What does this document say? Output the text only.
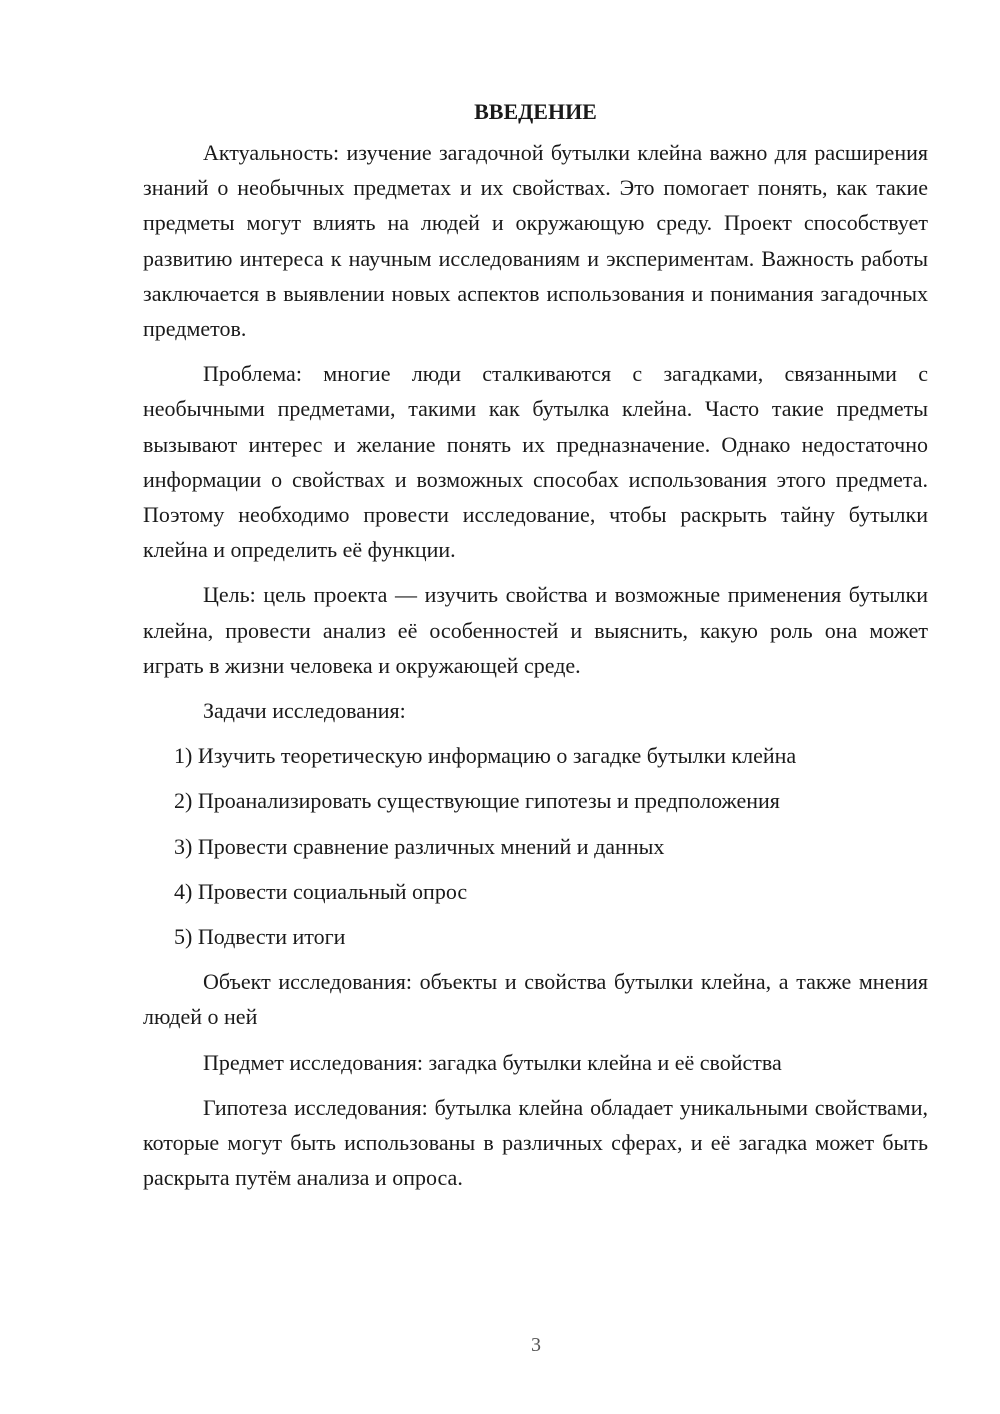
ВВЕДЕНИЕ

Актуальность: изучение загадочной бутылки клейна важно для расширения знаний о необычных предметах и их свойствах. Это помогает понять, как такие предметы могут влиять на людей и окружающую среду. Проект способствует развитию интереса к научным исследованиям и экспериментам. Важность работы заключается в выявлении новых аспектов использования и понимания загадочных предметов.

Проблема: многие люди сталкиваются с загадками, связанными с необычными предметами, такими как бутылка клейна. Часто такие предметы вызывают интерес и желание понять их предназначение. Однако недостаточно информации о свойствах и возможных способах использования этого предмета. Поэтому необходимо провести исследование, чтобы раскрыть тайну бутылки клейна и определить её функции.

Цель: цель проекта — изучить свойства и возможные применения бутылки клейна, провести анализ её особенностей и выяснить, какую роль она может играть в жизни человека и окружающей среде.

Задачи исследования:

1) Изучить теоретическую информацию о загадке бутылки клейна
2) Проанализировать существующие гипотезы и предположения
3) Провести сравнение различных мнений и данных
4) Провести социальный опрос
5) Подвести итоги

Объект исследования: объекты и свойства бутылки клейна, а также мнения людей о ней

Предмет исследования: загадка бутылки клейна и её свойства

Гипотеза исследования: бутылка клейна обладает уникальными свойствами, которые могут быть использованы в различных сферах, и её загадка может быть раскрыта путём анализа и опроса.

3
